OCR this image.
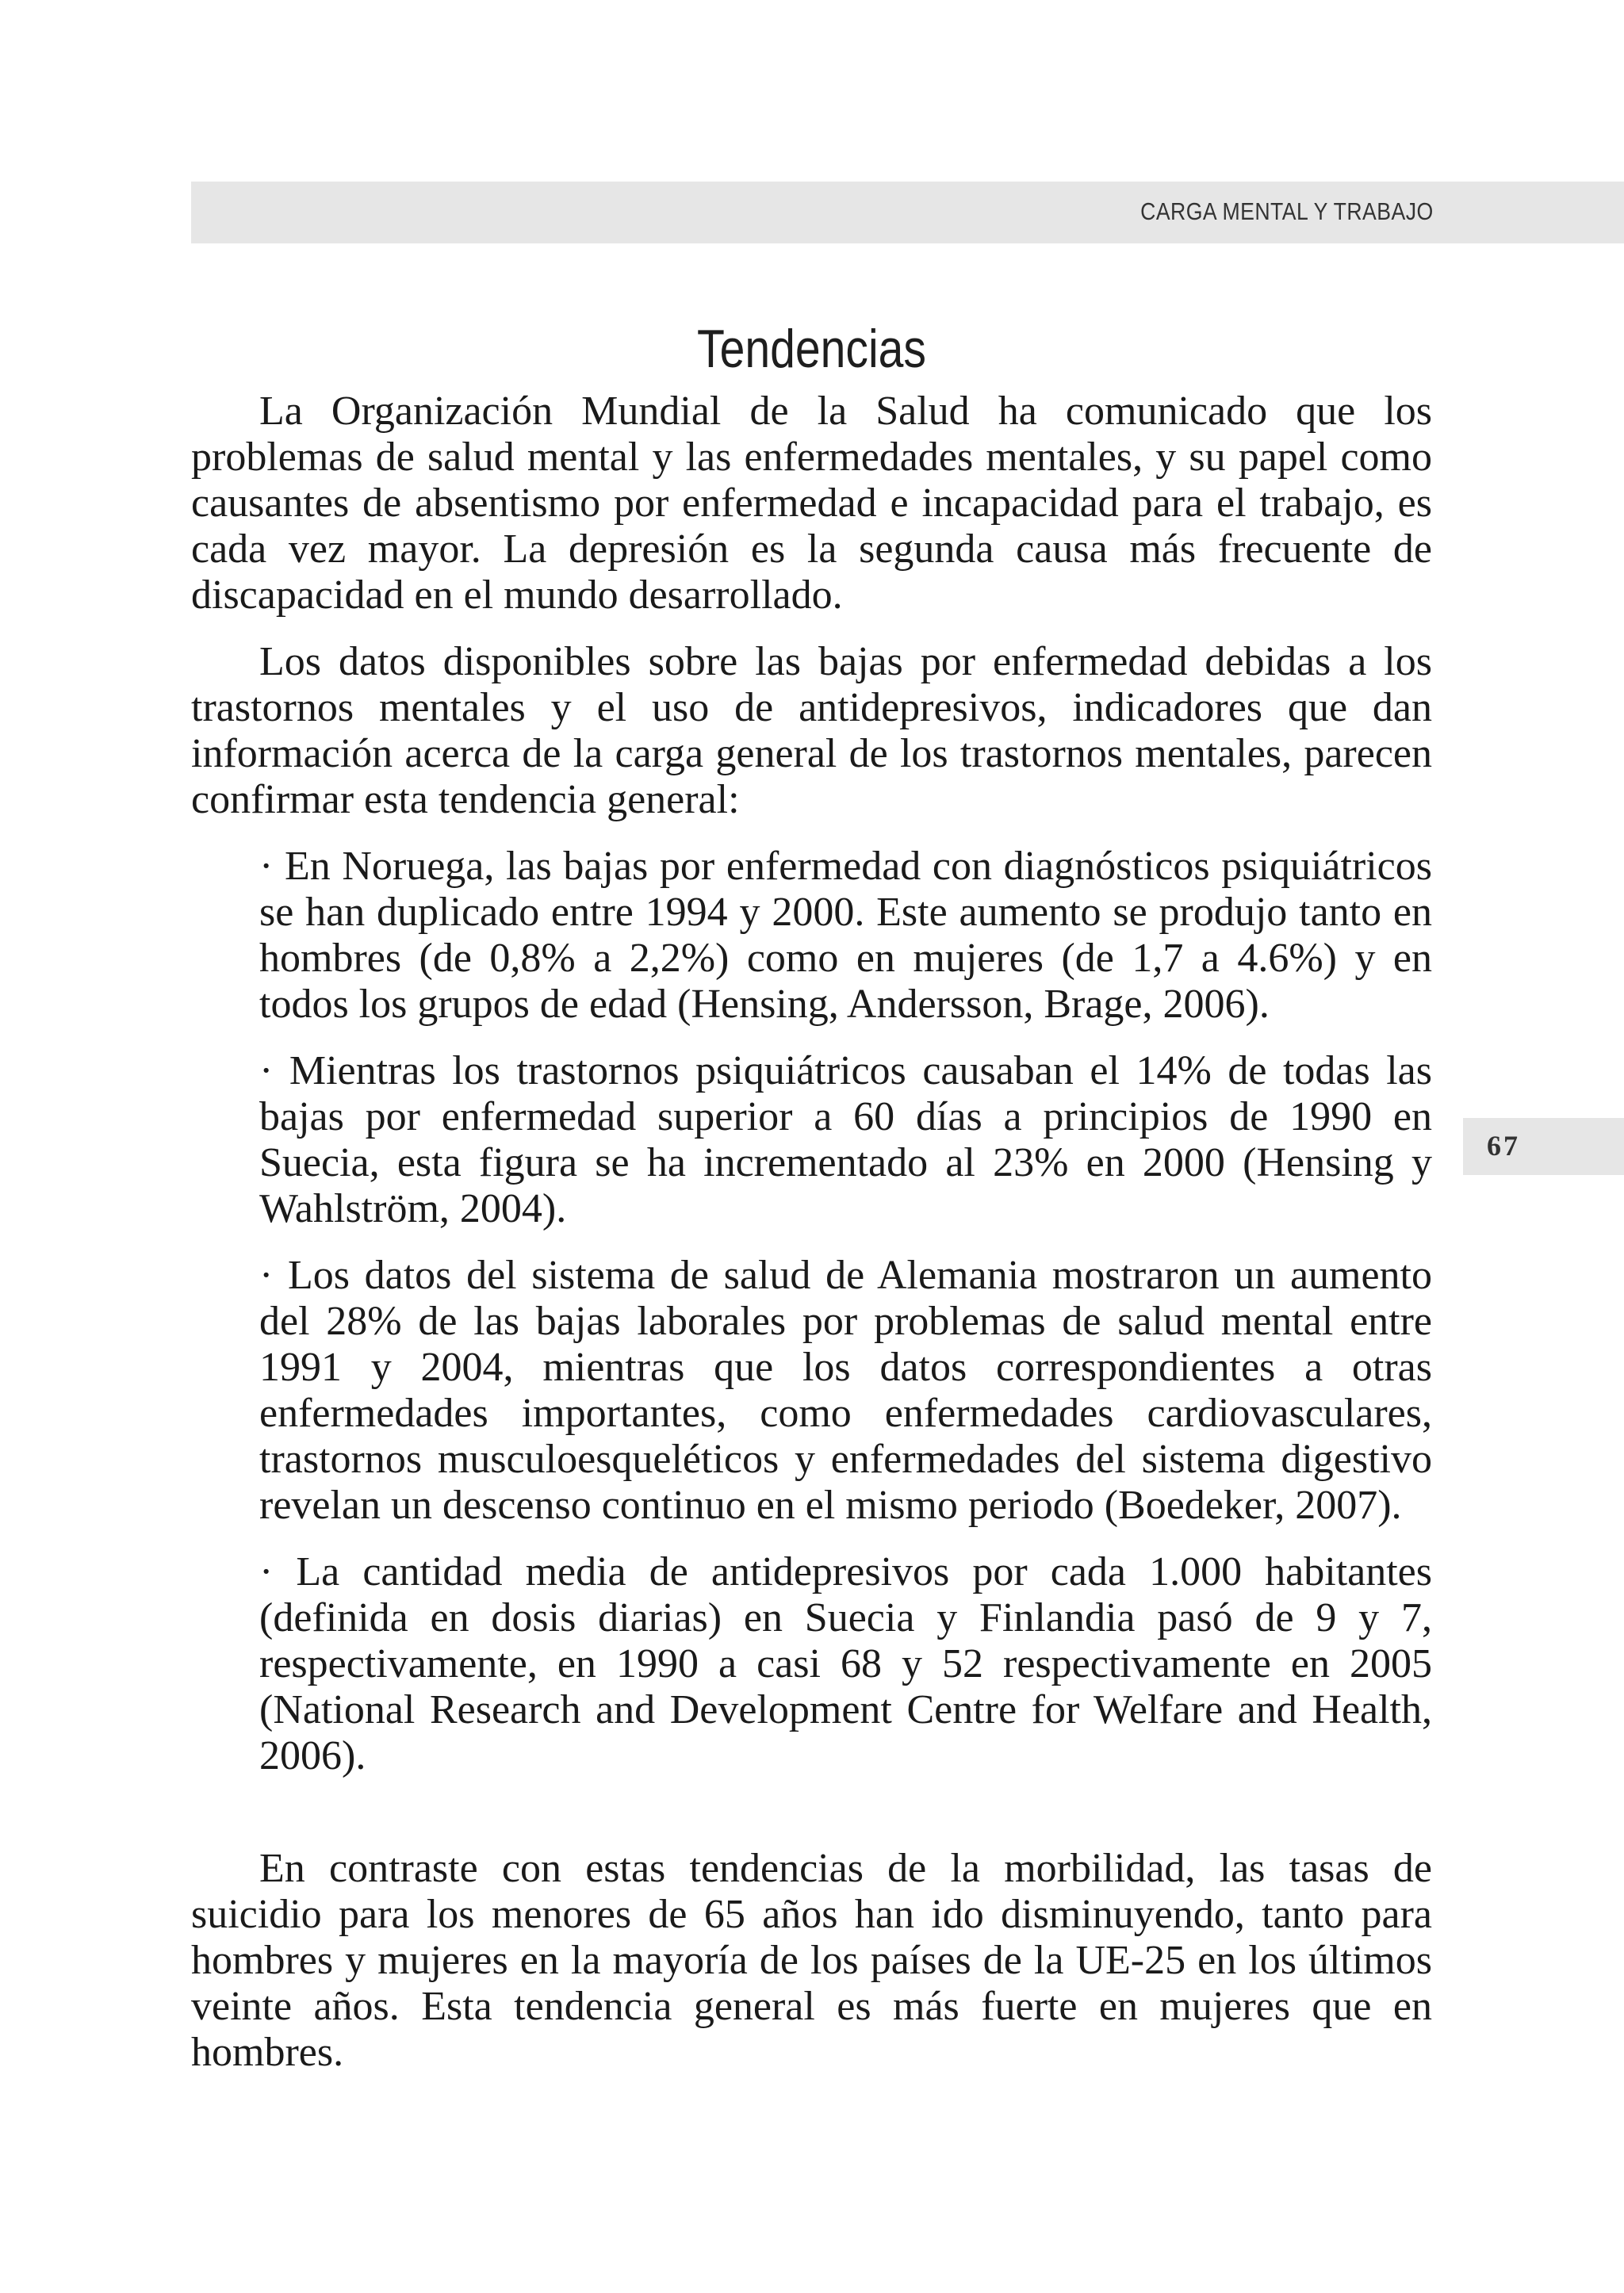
CARGA MENTAL Y TRABAJO
67
Tendencias

La Organización Mundial de la Salud ha comunicado que los problemas de salud mental y las enfermedades mentales, y su papel como causantes de absentismo por enfermedad e incapacidad para el trabajo, es cada vez mayor. La depresión es la segunda causa más frecuente de discapacidad en el mundo desarrollado.

Los datos disponibles sobre las bajas por enfermedad debidas a los trastornos mentales y el uso de antidepresivos, indicadores que dan información acerca de la carga general de los trastornos mentales, parecen confirmar esta tendencia general:

· En Noruega, las bajas por enfermedad con diagnósticos psiquiátricos se han duplicado entre 1994 y 2000. Este aumento se produjo tanto en hombres (de 0,8% a 2,2%) como en mujeres (de 1,7 a 4.6%) y en todos los grupos de edad (Hensing, Andersson, Brage, 2006).
· Mientras los trastornos psiquiátricos causaban el 14% de todas las bajas por enfermedad superior a 60 días a principios de 1990 en Suecia, esta figura se ha incrementado al 23% en 2000 (Hensing y Wahlström, 2004).
· Los datos del sistema de salud de Alemania mostraron un aumento del 28% de las bajas laborales por problemas de salud mental entre 1991 y 2004, mientras que los datos correspondientes a otras enfermedades importantes, como enfermedades cardiovasculares, trastornos musculoesqueléticos y enfermedades del sistema digestivo revelan un descenso continuo en el mismo periodo (Boedeker, 2007).
· La cantidad media de antidepresivos por cada 1.000 habitantes (definida en dosis diarias) en Suecia y Finlandia pasó de 9 y 7, respectivamente, en 1990 a casi 68 y 52 respectivamente en 2005 (National Research and Development Centre for Welfare and Health, 2006).

En contraste con estas tendencias de la morbilidad, las tasas de suicidio para los menores de 65 años han ido disminuyendo, tanto para hombres y mujeres en la mayoría de los países de la UE-25 en los últimos veinte años. Esta tendencia general es más fuerte en mujeres que en hombres.
